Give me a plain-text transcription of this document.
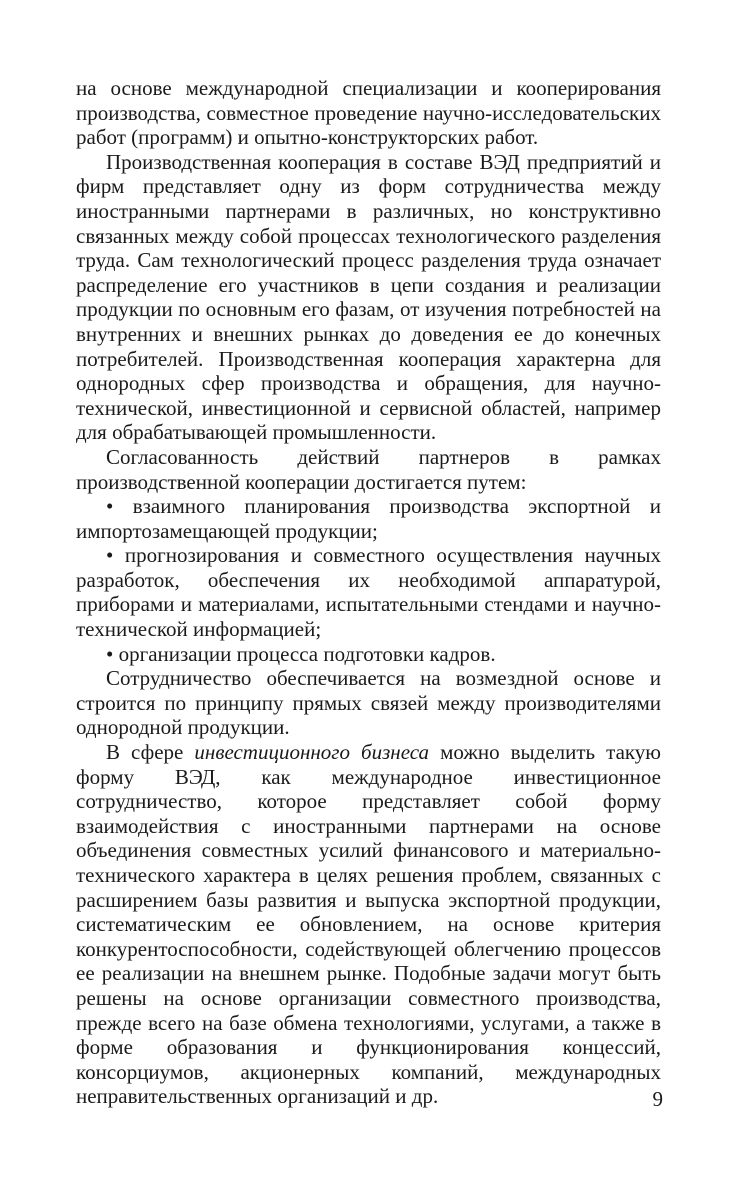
на основе международной специализации и кооперирования производства, совместное проведение научно-исследовательских работ (программ) и опытно-конструкторских работ.

Производственная кооперация в составе ВЭД предприятий и фирм представляет одну из форм сотрудничества между иностранными партнерами в различных, но конструктивно связанных между собой процессах технологического разделения труда. Сам технологический процесс разделения труда означает распределение его участников в цепи создания и реализации продукции по основным его фазам, от изучения потребностей на внутренних и внешних рынках до доведения ее до конечных потребителей. Производственная кооперация характерна для однородных сфер производства и обращения, для научно-технической, инвестиционной и сервисной областей, например для обрабатывающей промышленности.

Согласованность действий партнеров в рамках производственной кооперации достигается путем:

• взаимного планирования производства экспортной и импортозамещающей продукции;

• прогнозирования и совместного осуществления научных разработок, обеспечения их необходимой аппаратурой, приборами и материалами, испытательными стендами и научно-технической информацией;

• организации процесса подготовки кадров.

Сотрудничество обеспечивается на возмездной основе и строится по принципу прямых связей между производителями однородной продукции.

В сфере инвестиционного бизнеса можно выделить такую форму ВЭД, как международное инвестиционное сотрудничество, которое представляет собой форму взаимодействия с иностранными партнерами на основе объединения совместных усилий финансового и материально-технического характера в целях решения проблем, связанных с расширением базы развития и выпуска экспортной продукции, систематическим ее обновлением, на основе критерия конкурентоспособности, содействующей облегчению процессов ее реализации на внешнем рынке. Подобные задачи могут быть решены на основе организации совместного производства, прежде всего на базе обмена технологиями, услугами, а также в форме образования и функционирования концессий, консорциумов, акционерных компаний, международных неправительственных организаций и др.	9
